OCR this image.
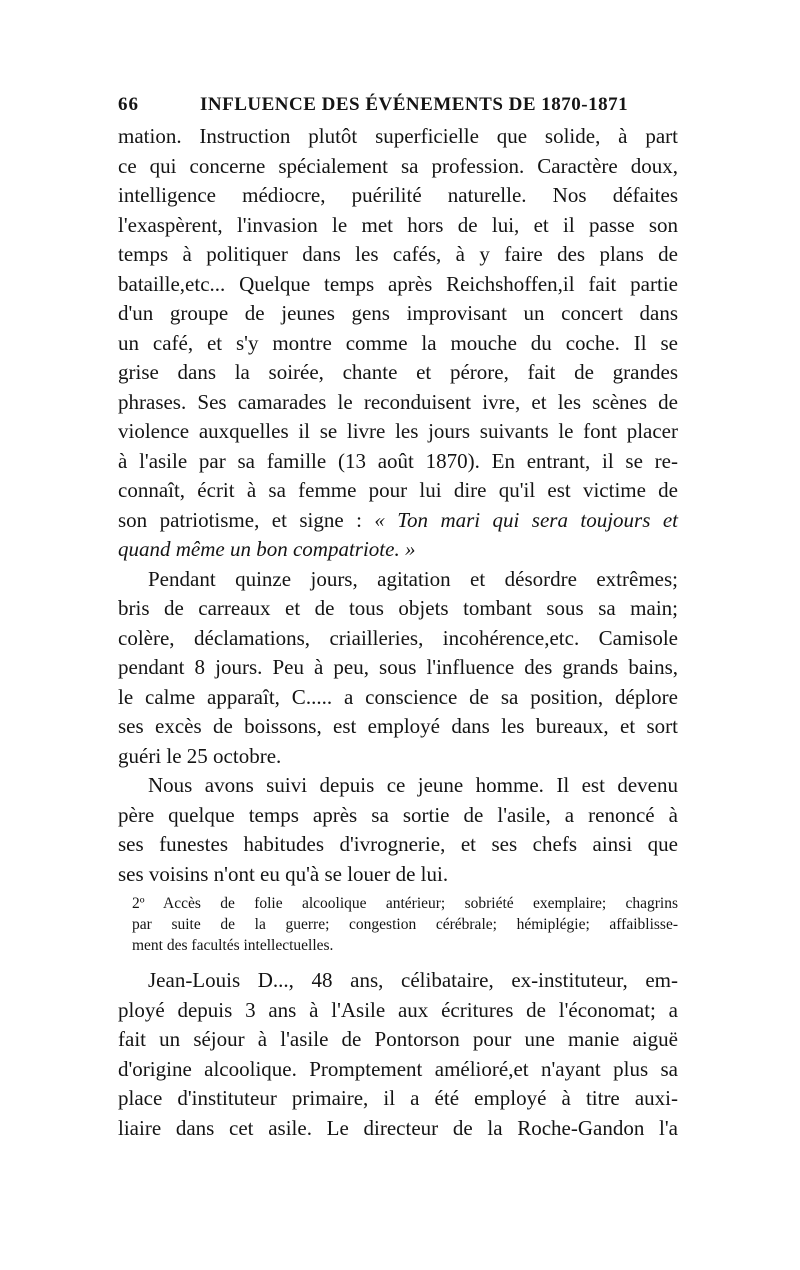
66	INFLUENCE DES ÉVÉNEMENTS DE 1870-1871
mation. Instruction plutôt superficielle que solide, à part
ce qui concerne spécialement sa profession. Caractère doux,
intelligence médiocre, puérilité naturelle. Nos défaites
l'exaspèrent, l'invasion le met hors de lui, et il passe son
temps à politiquer dans les cafés, à y faire des plans de
bataille,etc... Quelque temps après Reichshoffen,il fait partie
d'un groupe de jeunes gens improvisant un concert dans
un café, et s'y montre comme la mouche du coche. Il se
grise dans la soirée, chante et pérore, fait de grandes
phrases. Ses camarades le reconduisent ivre, et les scènes de
violence auxquelles il se livre les jours suivants le font placer
à l'asile par sa famille (13 août 1870). En entrant, il se re-
connaît, écrit à sa femme pour lui dire qu'il est victime de
son patriotisme, et signe : « Ton mari qui sera toujours et
quand même un bon compatriote. »
Pendant quinze jours, agitation et désordre extrêmes;
bris de carreaux et de tous objets tombant sous sa main;
colère, déclamations, criailleries, incohérence,etc. Camisole
pendant 8 jours. Peu à peu, sous l'influence des grands bains,
le calme apparaît, C..... a conscience de sa position, déplore
ses excès de boissons, est employé dans les bureaux, et sort
guéri le 25 octobre.
Nous avons suivi depuis ce jeune homme. Il est devenu
père quelque temps après sa sortie de l'asile, a renoncé à
ses funestes habitudes d'ivrognerie, et ses chefs ainsi que
ses voisins n'ont eu qu'à se louer de lui.
2º Accès de folie alcoolique antérieur; sobriété exemplaire; chagrins
par suite de la guerre; congestion cérébrale; hémiplégie; affaiblisse-
ment des facultés intellectuelles.
Jean-Louis D..., 48 ans, célibataire, ex-instituteur, em-
ployé depuis 3 ans à l'Asile aux écritures de l'économat; a
fait un séjour à l'asile de Pontorson pour une manie aiguë
d'origine alcoolique. Promptement amélioré,et n'ayant plus sa
place d'instituteur primaire, il a été employé à titre auxi-
liaire dans cet asile. Le directeur de la Roche-Gandon l'a
